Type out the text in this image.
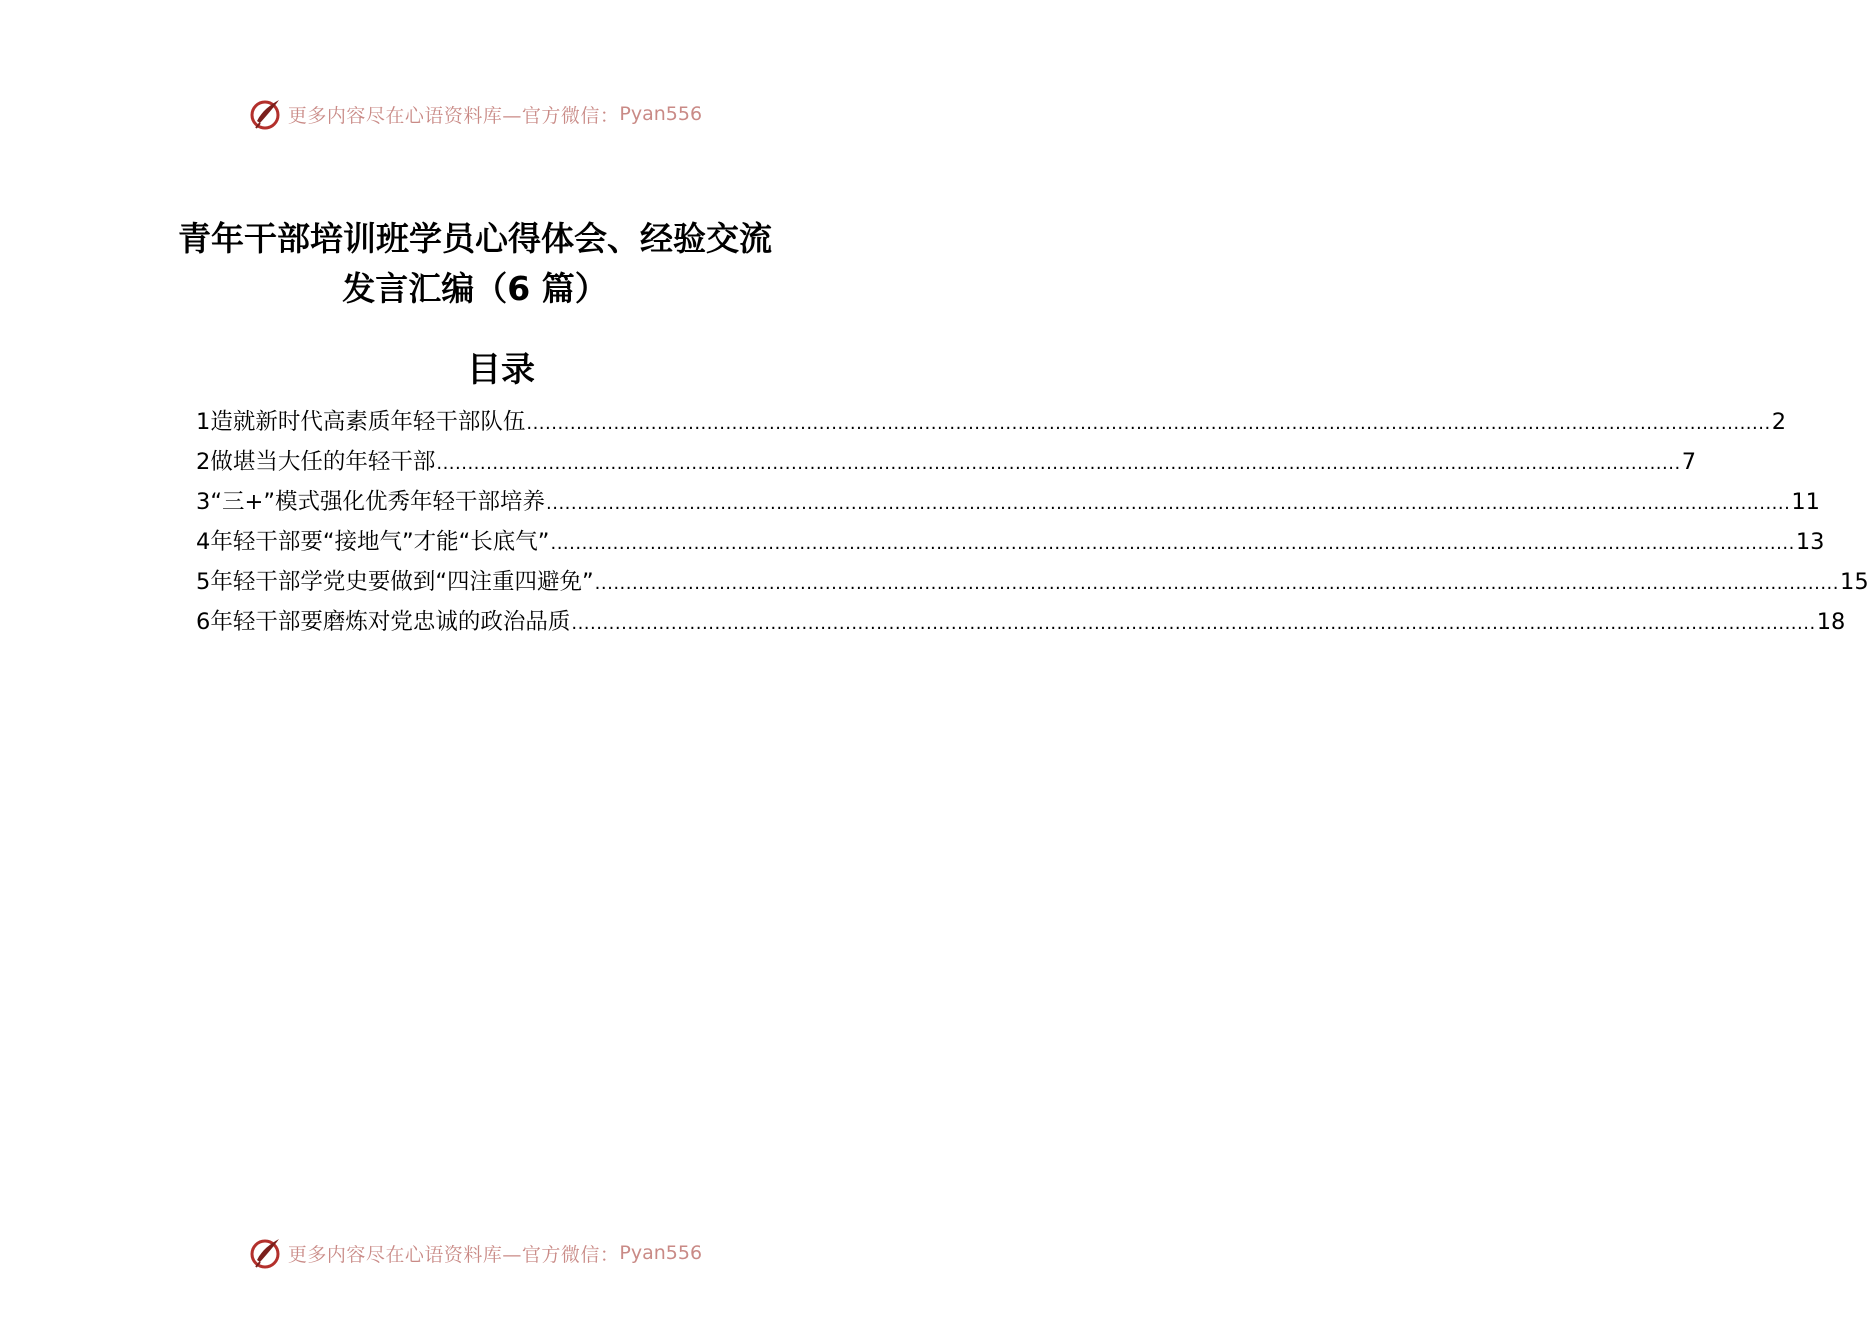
更多内容尽在心语资料库—官方微信： Pyan556
青年干部培训班学员心得体会、经验交流
发言汇编（6 篇）
目录
1 造就新时代高素质年轻干部队伍 ........................................................................................................................................................................................................ 2
2 做堪当大任的年轻干部 ........................................................................................................................................................................................................ 7
3 “三+”模式强化优秀年轻干部培养 ........................................................................................................................................................................................................ 11
4 年轻干部要“接地气”才能“长底气” ........................................................................................................................................................................................................ 13
5 年轻干部学党史要做到“四注重四避免” ........................................................................................................................................................................................................ 15
6 年轻干部要磨炼对党忠诚的政治品质 ........................................................................................................................................................................................................ 18
更多内容尽在心语资料库—官方微信： Pyan556
